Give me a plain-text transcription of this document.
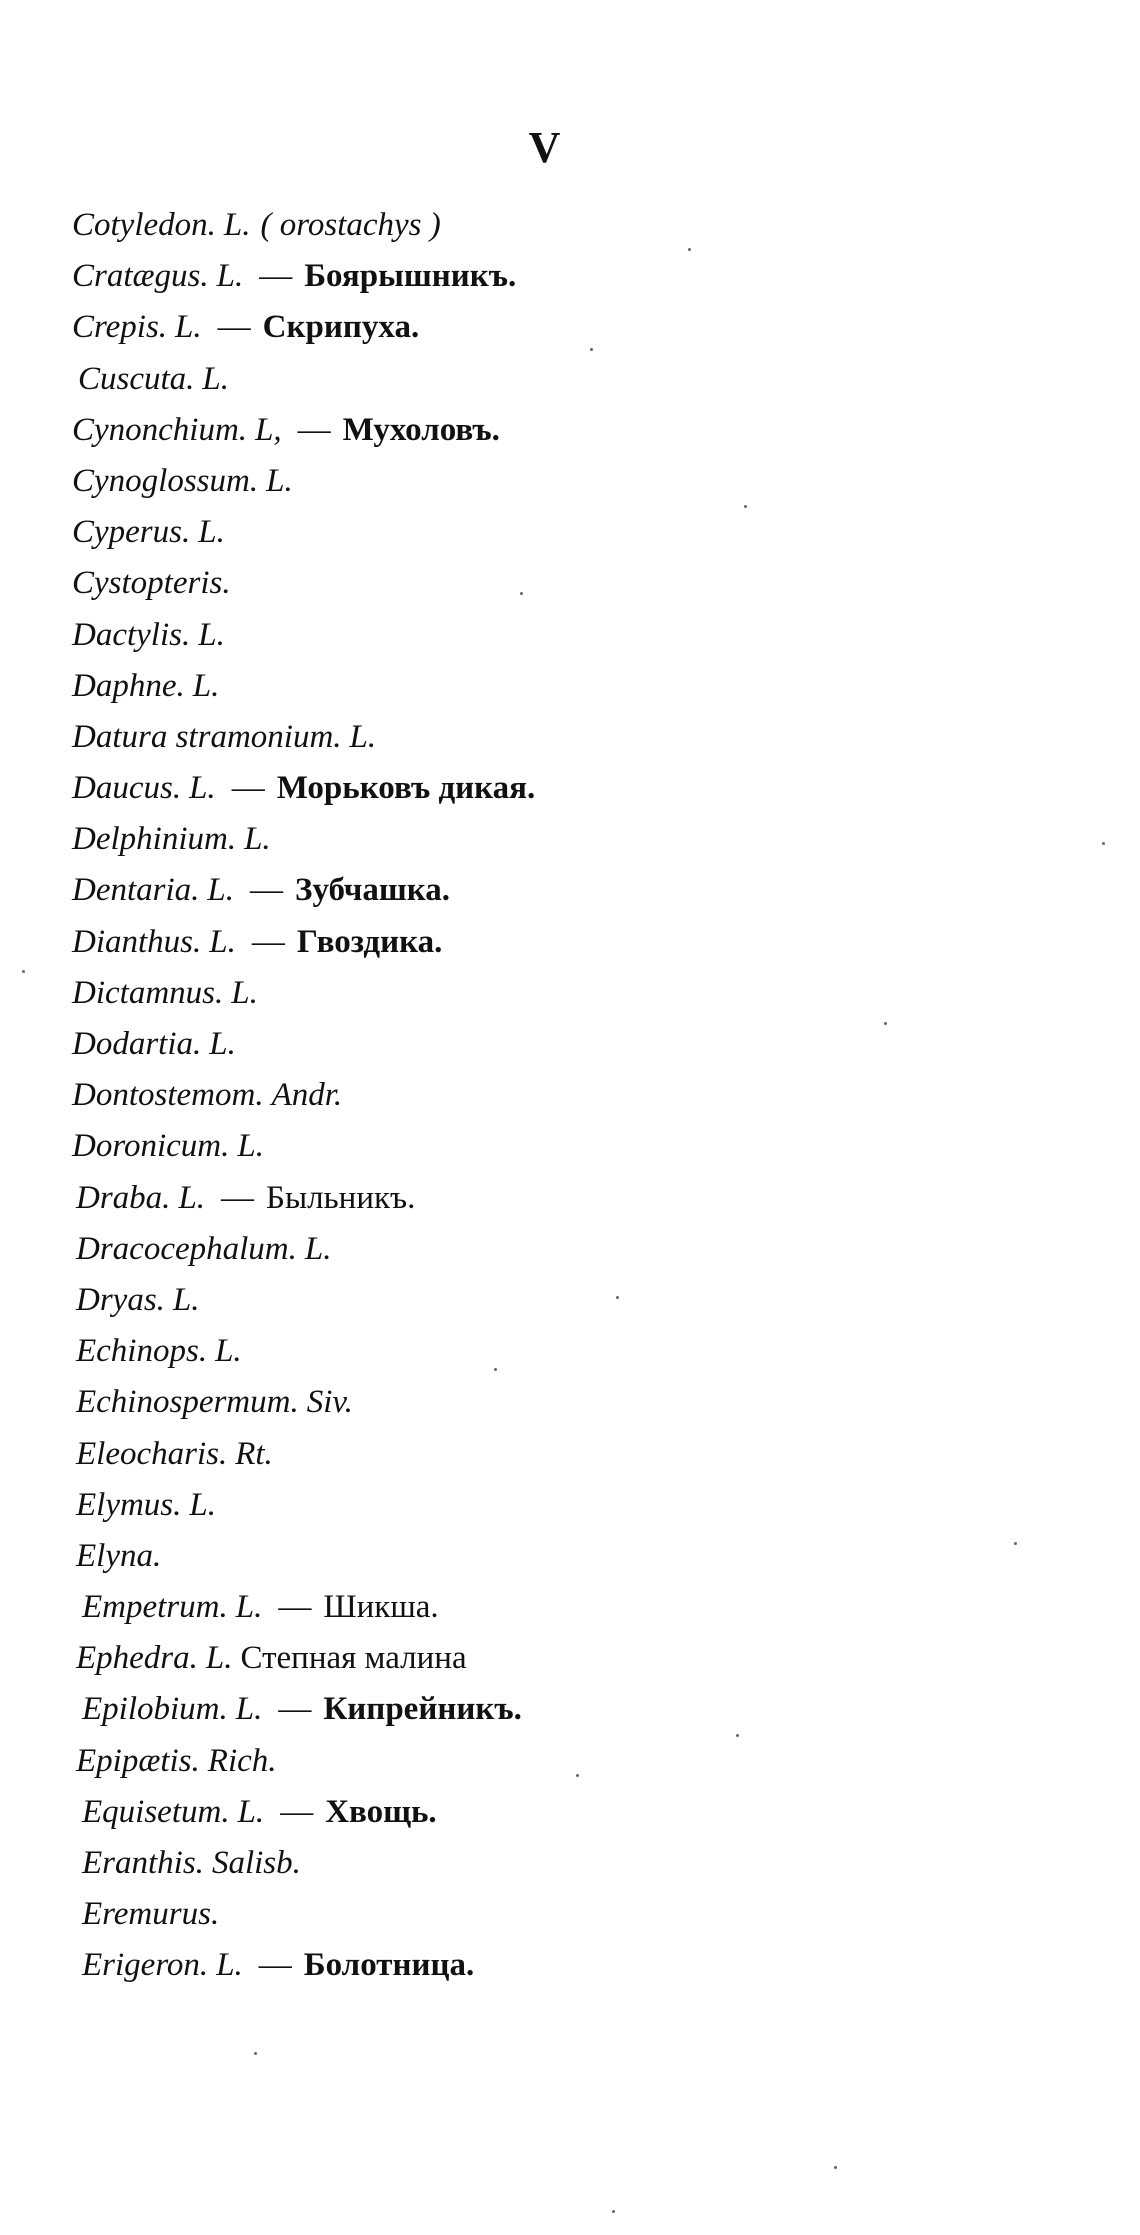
V
Cotyledon. L. ( orostachys )
Cratægus. L. — Боярышникъ.
Crepis. L. — Скрипуха.
Cuscuta. L.
Cynonchium. L, — Мухоловъ.
Cynoglossum. L.
Cyperus. L.
Cystopteris.
Dactylis. L.
Daphne. L.
Datura stramonium. L.
Daucus. L. — Морьковъ дикая.
Delphinium. L.
Dentaria. L. — Зубчашка.
Dianthus. L. — Гвоздика.
Dictamnus. L.
Dodartia. L.
Dontostemom. Andr.
Doronicum. L.
Draba. L. — Быльникъ.
Dracocephalum. L.
Dryas. L.
Echinops. L.
Echinospermum. Siv.
Eleocharis. Rt.
Elymus. L.
Elyna.
Empetrum. L. — Шикша.
Ephedra. L. Степная малина
Epilobium. L. — Кипрейникъ.
Epipætis. Rich.
Equisetum. L. — Хвощь.
Eranthis. Salisb.
Eremurus.
Erigeron. L. — Болотница.
